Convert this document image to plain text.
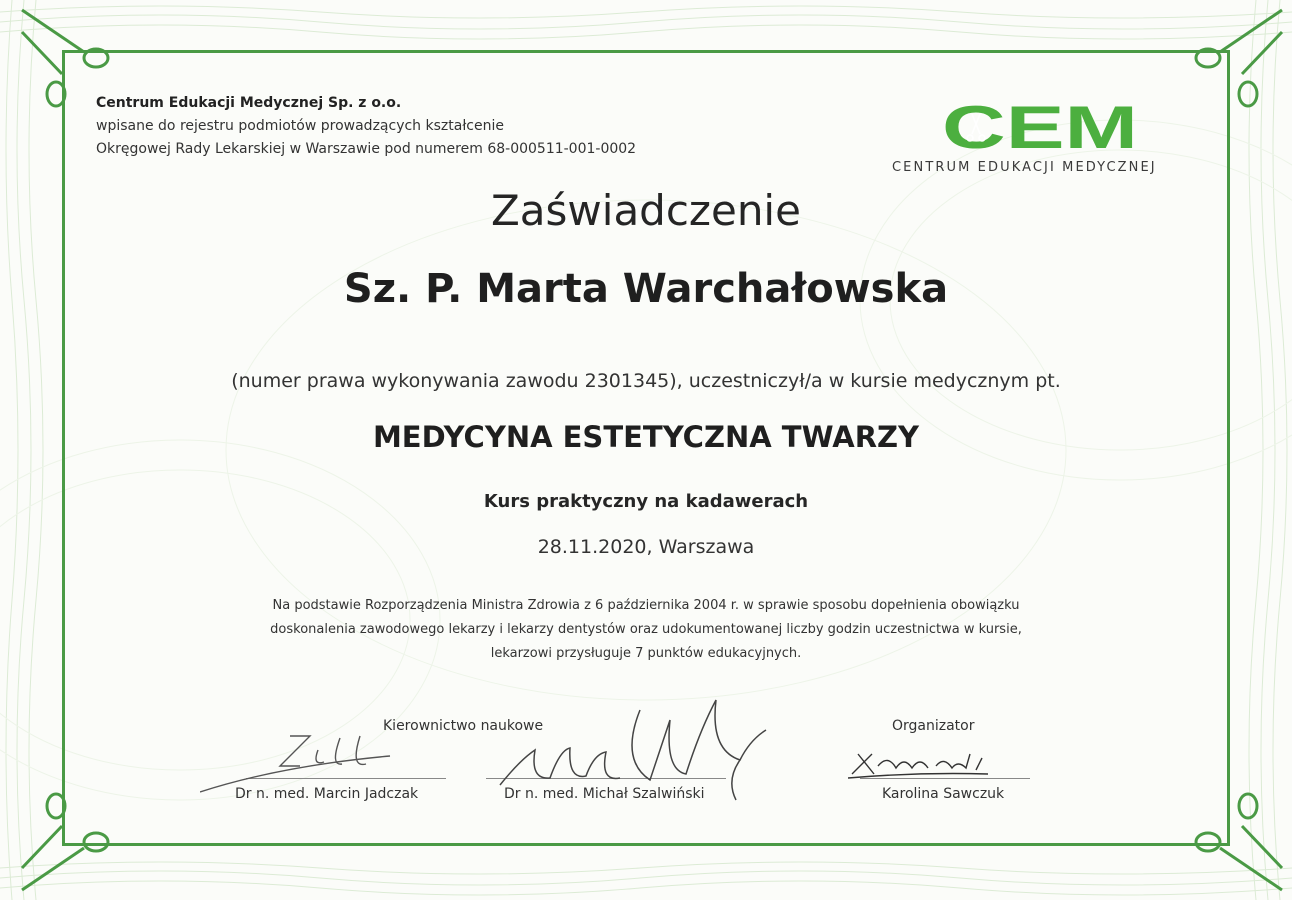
Centrum Edukacji Medycznej Sp. z o.o.
wpisane do rejestru podmiotów prowadzących kształcenie
Okręgowej Rady Lekarskiej w Warszawie pod numerem 68-000511-001-0002	CEM
CENTRUM EDUKACJI MEDYCZNEJ
Zaświadczenie
Sz. P. Marta Warchałowska
(numer prawa wykonywania zawodu 2301345), uczestniczył/a w kursie medycznym pt.
MEDYCYNA ESTETYCZNA TWARZY
Kurs praktyczny na kadawerach
28.11.2020, Warszawa
Na podstawie Rozporządzenia Ministra Zdrowia z 6 października 2004 r. w sprawie sposobu dopełnienia obowiązku
doskonalenia zawodowego lekarzy i lekarzy dentystów oraz udokumentowanej liczby godzin uczestnictwa w kursie,
lekarzowi przysługuje 7 punktów edukacyjnych.
Kierownictwo naukowe	Organizator
Dr n. med. Marcin Jadczak	Dr n. med. Michał Szalwiński	Karolina Sawczuk
